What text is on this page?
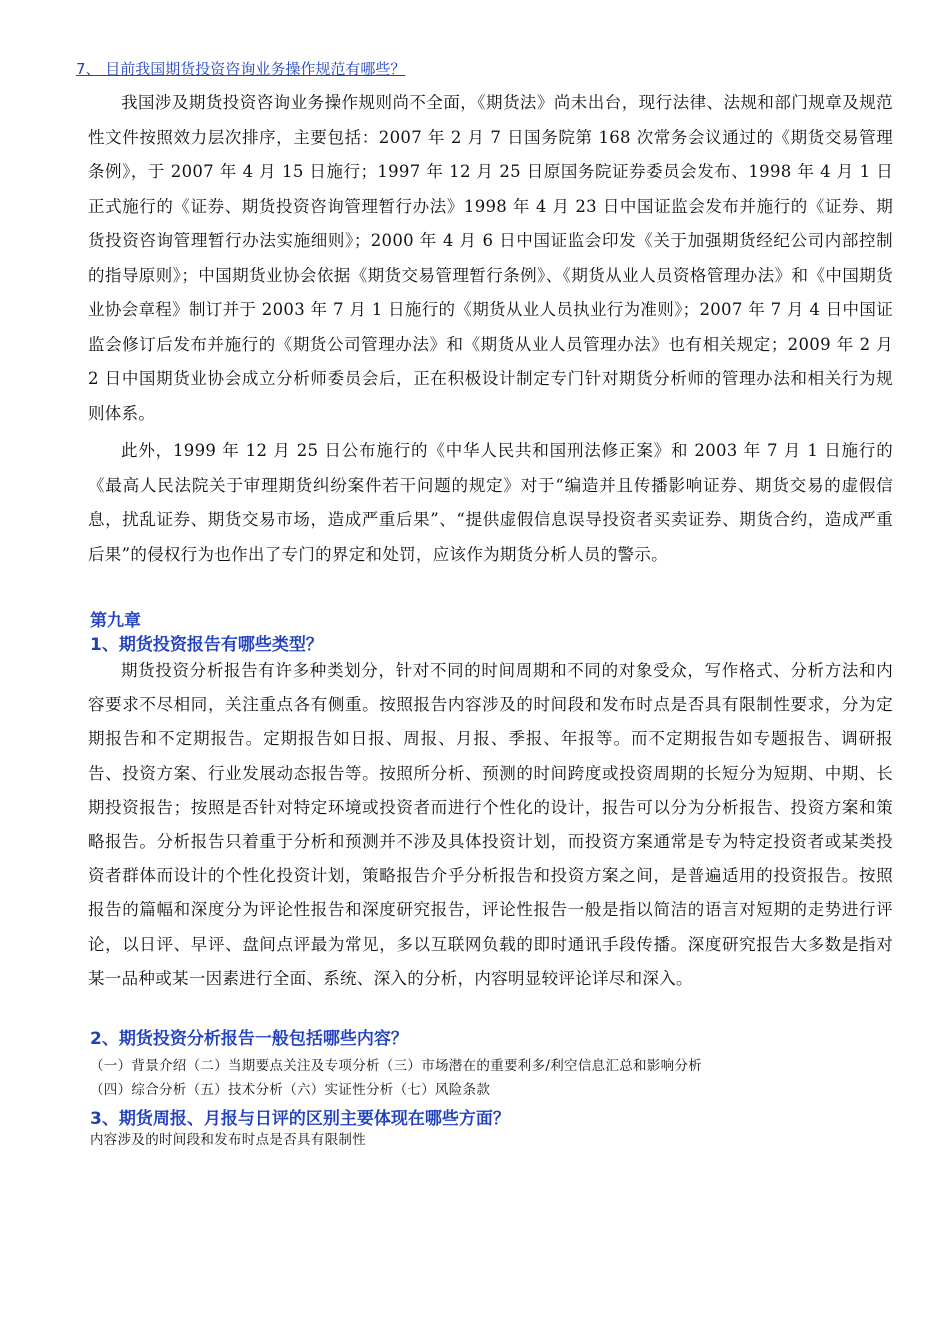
7、 目前我国期货投资咨询业务操作规范有哪些？
我国涉及期货投资咨询业务操作规则尚不全面，《期货法》尚未出台，现行法律、法规和部门规章及规范性文件按照效力层次排序，主要包括：2007 年 2 月 7 日国务院第 168 次常务会议通过的《期货交易管理条例》，于 2007 年 4 月 15 日施行；1997 年 12 月 25 日原国务院证券委员会发布、1998 年 4 月 1 日正式施行的《证券、期货投资咨询管理暂行办法》1998 年 4 月 23 日中国证监会发布并施行的《证券、期货投资咨询管理暂行办法实施细则》；2000 年 4 月 6 日中国证监会印发《关于加强期货经纪公司内部控制的指导原则》；中国期货业协会依据《期货交易管理暂行条例》、《期货从业人员资格管理办法》和《中国期货业协会章程》制订并于 2003 年 7 月 1 日施行的《期货从业人员执业行为准则》；2007 年 7 月 4 日中国证监会修订后发布并施行的《期货公司管理办法》和《期货从业人员管理办法》也有相关规定；2009 年 2 月 2 日中国期货业协会成立分析师委员会后，正在积极设计制定专门针对期货分析师的管理办法和相关行为规则体系。
此外，1999 年 12 月 25 日公布施行的《中华人民共和国刑法修正案》和 2003 年 7 月 1 日施行的《最高人民法院关于审理期货纠纷案件若干问题的规定》对于“编造并且传播影响证券、期货交易的虚假信息，扰乱证券、期货交易市场，造成严重后果”、“提供虚假信息误导投资者买卖证券、期货合约，造成严重后果”的侵权行为也作出了专门的界定和处罚，应该作为期货分析人员的警示。
第九章
1、期货投资报告有哪些类型？
期货投资分析报告有许多种类划分，针对不同的时间周期和不同的对象受众，写作格式、分析方法和内容要求不尽相同，关注重点各有侧重。按照报告内容涉及的时间段和发布时点是否具有限制性要求，分为定期报告和不定期报告。定期报告如日报、周报、月报、季报、年报等。而不定期报告如专题报告、调研报告、投资方案、行业发展动态报告等。按照所分析、预测的时间跨度或投资周期的长短分为短期、中期、长期投资报告；按照是否针对特定环境或投资者而进行个性化的设计，报告可以分为分析报告、投资方案和策略报告。分析报告只着重于分析和预测并不涉及具体投资计划，而投资方案通常是专为特定投资者或某类投资者群体而设计的个性化投资计划，策略报告介乎分析报告和投资方案之间，是普遍适用的投资报告。按照报告的篇幅和深度分为评论性报告和深度研究报告，评论性报告一般是指以简洁的语言对短期的走势进行评论，以日评、早评、盘间点评最为常见，多以互联网负载的即时通讯手段传播。深度研究报告大多数是指对某一品种或某一因素进行全面、系统、深入的分析，内容明显较评论详尽和深入。
2、期货投资分析报告一般包括哪些内容？
（一）背景介绍（二）当期要点关注及专项分析（三）市场潜在的重要利多/利空信息汇总和影响分析
（四）综合分析（五）技术分析（六）实证性分析（七）风险条款
3、期货周报、月报与日评的区别主要体现在哪些方面？
内容涉及的时间段和发布时点是否具有限制性
